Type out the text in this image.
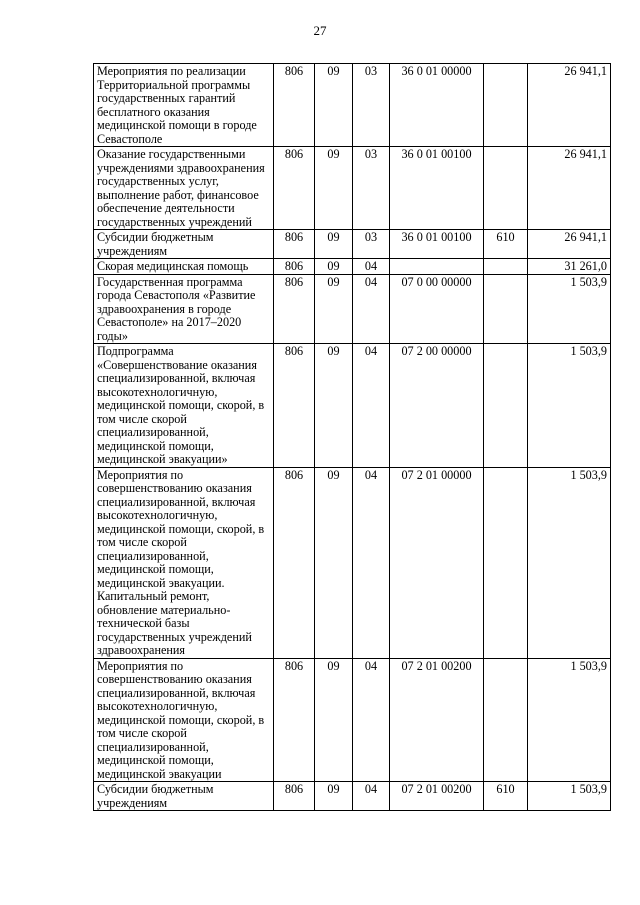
27
Мероприятия по реализации Территориальной программы государственных гарантий бесплатного оказания медицинской помощи в городе Севастополе	806	09	03	36 0 01 00000		26 941,1
Оказание государственными учреждениями здравоохранения государственных услуг, выполнение работ, финансовое обеспечение деятельности государственных учреждений	806	09	03	36 0 01 00100		26 941,1
Субсидии бюджетным учреждениям	806	09	03	36 0 01 00100	610	26 941,1
Скорая медицинская помощь	806	09	04			31 261,0
Государственная программа города Севастополя «Развитие здравоохранения в городе Севастополе» на 2017–2020 годы»	806	09	04	07 0 00 00000		1 503,9
Подпрограмма «Совершенствование оказания специализированной, включая высокотехнологичную, медицинской помощи, скорой, в том числе скорой специализированной, медицинской помощи, медицинской эвакуации»	806	09	04	07 2 00 00000		1 503,9
Мероприятия по совершенствованию оказания специализированной, включая высокотехнологичную, медицинской помощи, скорой, в том числе скорой специализированной, медицинской помощи, медицинской эвакуации. Капитальный ремонт, обновление материально-технической базы государственных учреждений здравоохранения	806	09	04	07 2 01 00000		1 503,9
Мероприятия по совершенствованию оказания специализированной, включая высокотехнологичную, медицинской помощи, скорой, в том числе скорой специализированной, медицинской помощи, медицинской эвакуации	806	09	04	07 2 01 00200		1 503,9
Субсидии бюджетным учреждениям	806	09	04	07 2 01 00200	610	1 503,9
